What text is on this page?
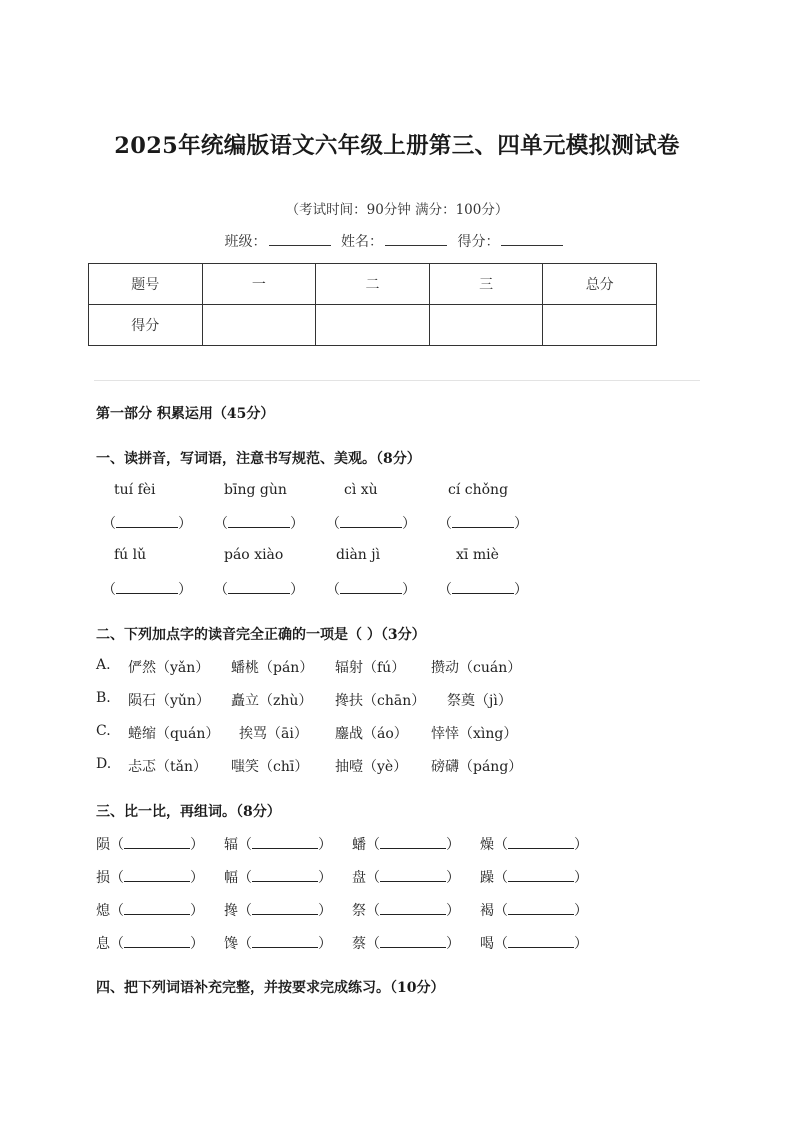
2025年统编版语文六年级上册第三、四单元模拟测试卷
（考试时间：90分钟 满分：100分）
班级：	姓名：	得分：
题号	一	二	三	总分
得分				
第一部分 积累运用（45分）
一、读拼音，写词语，注意书写规范、美观。（8分）
tuí fèi	bīng gùn	cì xù	cí chǒng
（	） （	） （	） （	）
fú lǔ	páo xiào	diàn jì	xī miè
（	） （	） （	） （	）
二、下列加点字的读音完全正确的一项是（ ）（3分）
A. 俨然（yǎn） 蟠桃（pán） 辐射（fú） 攒动（cuán）
B. 陨石（yǔn） 矗立（zhù） 搀扶（chān） 祭奠（jì）
C. 蜷缩（quán） 挨骂（āi） 鏖战（áo） 悻悻（xìng）
D. 忐忑（tǎn） 嗤笑（chī） 抽噎（yè） 磅礴（páng）
三、比一比，再组词。（8分）
陨（	） 辐（	） 蟠（	） 燥（	）
损（	） 幅（	） 盘（	） 躁（	）
熄（	） 搀（	） 祭（	） 褐（	）
息（	） 馋（	） 蔡（	） 喝（	）
四、把下列词语补充完整，并按要求完成练习。（10分）
